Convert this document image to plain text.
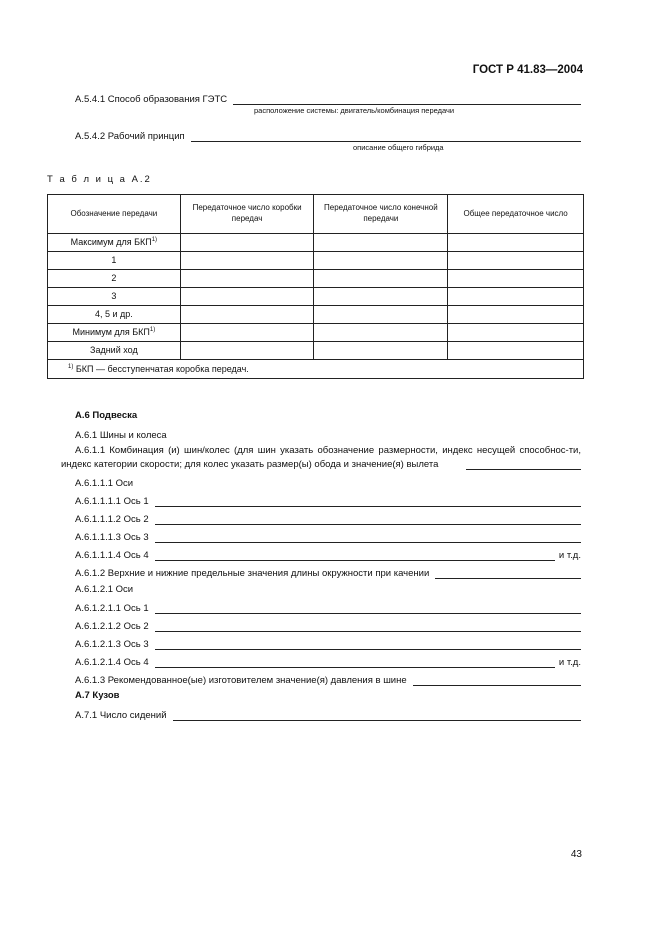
ГОСТ Р 41.83—2004
А.5.4.1 Способ образования ГЭТС
расположение системы: двигатель/комбинация передачи
А.5.4.2 Рабочий принцип
описание общего гибрида
Т а б л и ц а А.2
Обозначение передачи	Передаточное число коробки передач	Передаточное число конечной передачи	Общее передаточное число
Максимум для БКП$^{1)}$			
1			
2			
3			
4, 5 и др.			
Минимум для БКП$^{1)}$			
Задний ход			
$^{1)}$ БКП — бесступенчатая коробка передач.			
А.6 Подвеска
А.6.1 Шины и колеса
А.6.1.1 Комбинация (и) шин/колес (для шин указать обозначение размерности, индекс несущей способнос-ти, индекс категории скорости; для колес указать размер(ы) обода и значение(я) вылета
А.6.1.1.1 Оси
А.6.1.1.1.1 Ось 1
А.6.1.1.1.2 Ось 2
А.6.1.1.1.3 Ось 3
А.6.1.1.1.4 Ось 4	и т.д.
А.6.1.2 Верхние и нижние предельные значения длины окружности при качении
А.6.1.2.1 Оси
А.6.1.2.1.1 Ось 1
А.6.1.2.1.2 Ось 2
А.6.1.2.1.3 Ось 3
А.6.1.2.1.4 Ось 4	и т.д.
А.6.1.3 Рекомендованное(ые) изготовителем значение(я) давления в шине
А.7 Кузов
А.7.1 Число сидений
43
